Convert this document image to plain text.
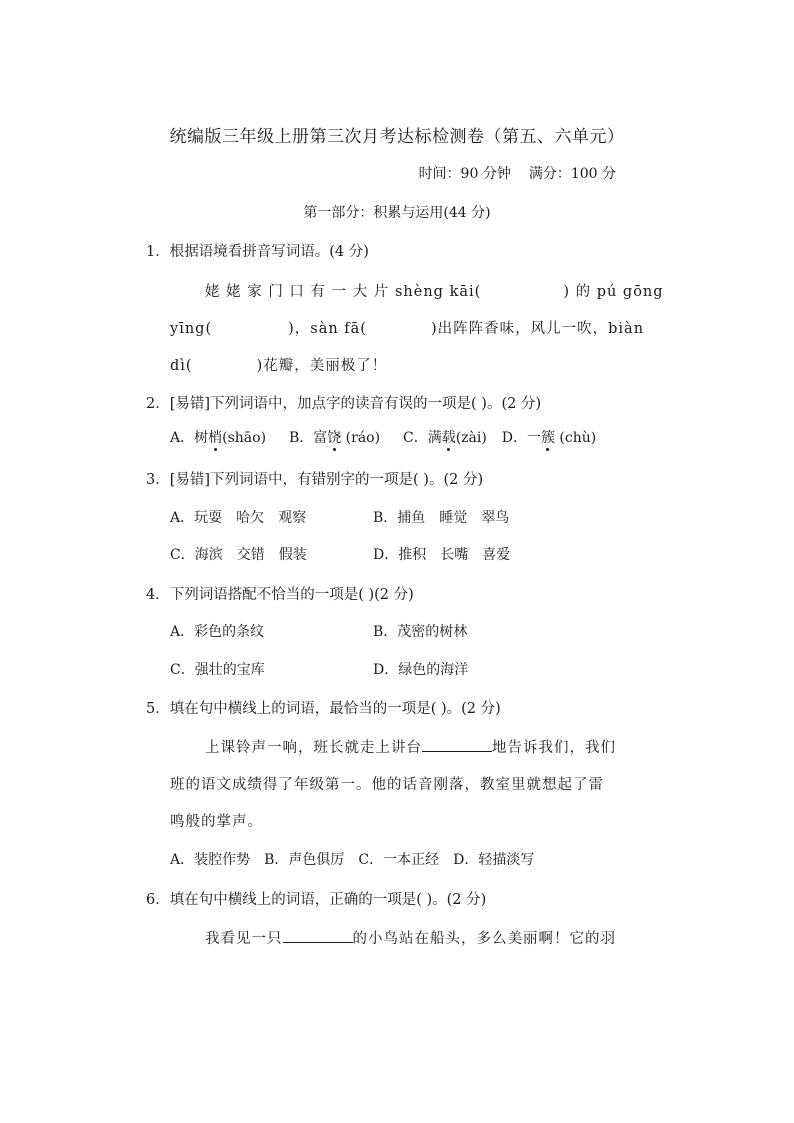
统编版三年级上册第三次月考达标检测卷（第五、六单元）
时间：90 分钟 满分：100 分
第一部分：积累与运用(44 分)
1．根据语境看拼音写词语。(4 分)
姥 姥 家 门 口 有 一 大 片 shèng kāi(	) 的 pú gōng
yīng(	)，sàn fā(	)出阵阵香味，风儿一吹，biàn
dì(	)花瓣，美丽极了！
2．[易错]下列词语中，加点字的读音有误的一项是( )。(2 分)
A．树梢(shāo) B．富饶 (ráo) C．满载(zài) D．一簇 (chù)
3．[易错]下列词语中，有错别字的一项是( )。(2 分)
A．玩耍　哈欠　观察	B．捕鱼　睡觉　翠鸟
C．海滨　交错　假装	D．推积　长嘴　喜爱
4．下列词语搭配不恰当的一项是( )(2 分)
A．彩色的条纹	B．茂密的树林
C．强壮的宝库	D．绿色的海洋
5．填在句中横线上的词语，最恰当的一项是( )。(2 分)
上课铃声一响，班长就走上讲台	地告诉我们，我们
班的语文成绩得了年级第一。他的话音刚落，教室里就想起了雷
鸣般的掌声。
A．装腔作势　B．声色俱厉　C．一本正经　D．轻描淡写
6．填在句中横线上的词语，正确的一项是( )。(2 分)
我看见一只	的小鸟站在船头，多么美丽啊！它的羽
